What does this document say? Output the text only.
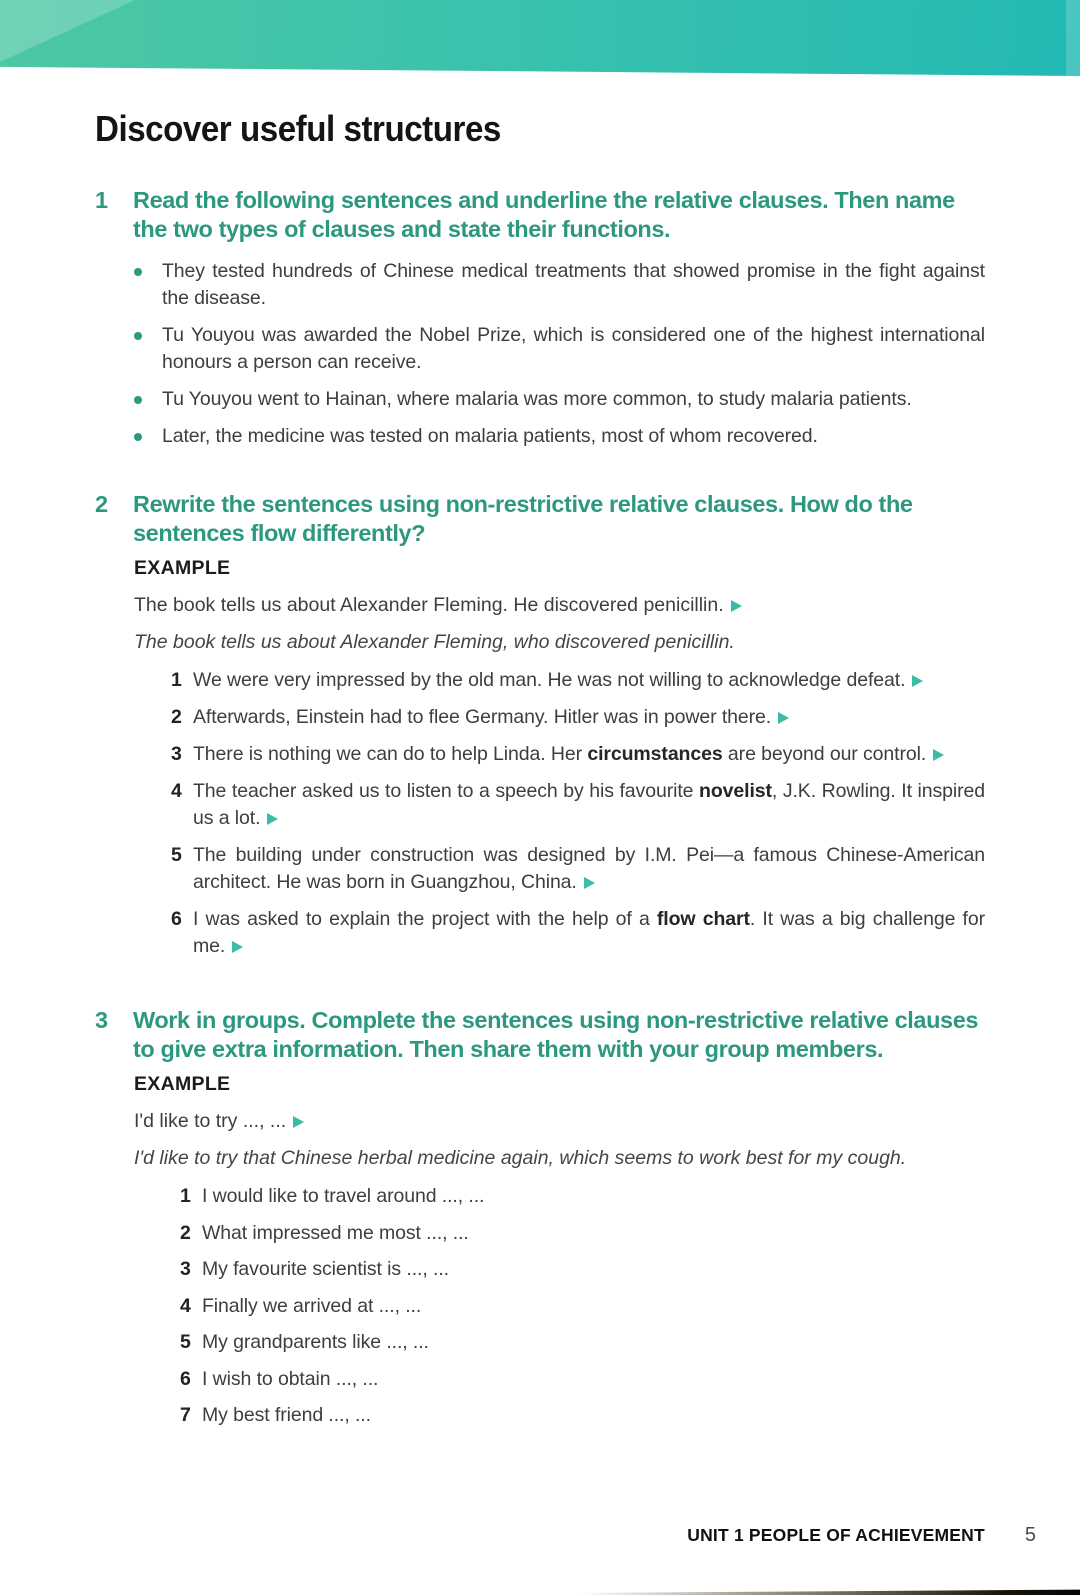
Discover useful structures
1	Read the following sentences and underline the relative clauses. Then name the two types of clauses and state their functions.
They tested hundreds of Chinese medical treatments that showed promise in the fight against the disease.
Tu Youyou was awarded the Nobel Prize, which is considered one of the highest international honours a person can receive.
Tu Youyou went to Hainan, where malaria was more common, to study malaria patients.
Later, the medicine was tested on malaria patients, most of whom recovered.
2	Rewrite the sentences using non-restrictive relative clauses. How do the sentences flow differently?
EXAMPLE

The book tells us about Alexander Fleming. He discovered penicillin.

The book tells us about Alexander Fleming, who discovered penicillin.

1 We were very impressed by the old man. He was not willing to acknowledge defeat.
2 Afterwards, Einstein had to flee Germany. Hitler was in power there.
3 There is nothing we can do to help Linda. Her circumstances are beyond our control.
4 The teacher asked us to listen to a speech by his favourite novelist, J.K. Rowling. It inspired us a lot.
5 The building under construction was designed by I.M. Pei—a famous Chinese-American architect. He was born in Guangzhou, China.
6 I was asked to explain the project with the help of a flow chart. It was a big challenge for me.
3	Work in groups. Complete the sentences using non-restrictive relative clauses to give extra information. Then share them with your group members.
EXAMPLE

I'd like to try ..., ...

I'd like to try that Chinese herbal medicine again, which seems to work best for my cough.

1 I would like to travel around ..., ...
2 What impressed me most ..., ...
3 My favourite scientist is ..., ...
4 Finally we arrived at ..., ...
5 My grandparents like ..., ...
6 I wish to obtain ..., ...
7 My best friend ..., ...
UNIT 1 PEOPLE OF ACHIEVEMENT 5
